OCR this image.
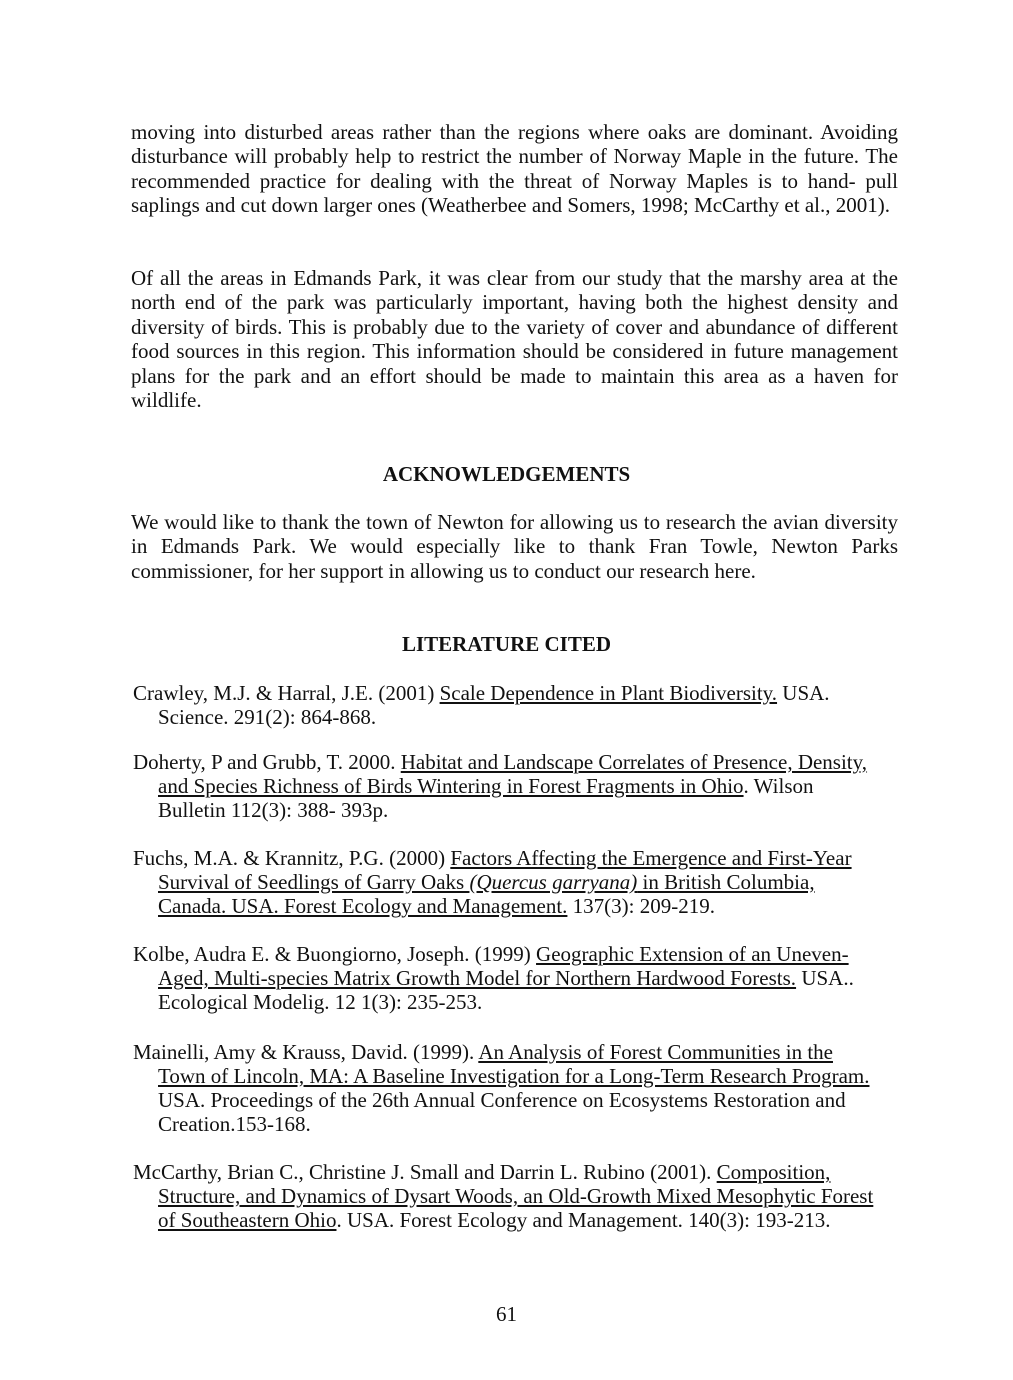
moving into disturbed areas rather than the regions where oaks are dominant. Avoiding disturbance will probably help to restrict the number of Norway Maple in the future. The recommended practice for dealing with the threat of Norway Maples is to hand- pull saplings and cut down larger ones (Weatherbee and Somers, 1998; McCarthy et al., 2001).

Of all the areas in Edmands Park, it was clear from our study that the marshy area at the north end of the park was particularly important, having both the highest density and diversity of birds. This is probably due to the variety of cover and abundance of different food sources in this region. This information should be considered in future management plans for the park and an effort should be made to maintain this area as a haven for wildlife.

ACKNOWLEDGEMENTS

We would like to thank the town of Newton for allowing us to research the avian diversity in Edmands Park. We would especially like to thank Fran Towle, Newton Parks commissioner, for her support in allowing us to conduct our research here.

LITERATURE CITED
Crawley, M.J. & Harral, J.E. (2001) Scale Dependence in Plant Biodiversity. USA.
Science. 291(2): 864-868.
Doherty, P and Grubb, T. 2000. Habitat and Landscape Correlates of Presence, Density,
and Species Richness of Birds Wintering in Forest Fragments in Ohio. Wilson
Bulletin 112(3): 388- 393p.
Fuchs, M.A. & Krannitz, P.G. (2000) Factors Affecting the Emergence and First-Year
Survival of Seedlings of Garry Oaks (Quercus garryana) in British Columbia,
Canada. USA. Forest Ecology and Management. 137(3): 209-219.
Kolbe, Audra E. & Buongiorno, Joseph. (1999) Geographic Extension of an Uneven-
Aged, Multi-species Matrix Growth Model for Northern Hardwood Forests. USA..
Ecological Modelig. 12 1(3): 235-253.
Mainelli, Amy & Krauss, David. (1999). An Analysis of Forest Communities in the
Town of Lincoln, MA: A Baseline Investigation for a Long-Term Research Program.
USA. Proceedings of the 26th Annual Conference on Ecosystems Restoration and
Creation.153-168.
McCarthy, Brian C., Christine J. Small and Darrin L. Rubino (2001). Composition,
Structure, and Dynamics of Dysart Woods, an Old-Growth Mixed Mesophytic Forest
of Southeastern Ohio. USA. Forest Ecology and Management. 140(3): 193-213.
61
